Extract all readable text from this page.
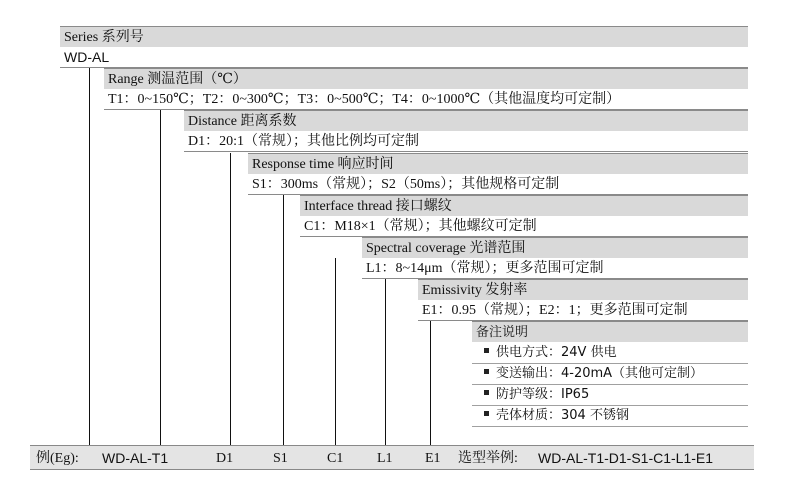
Series 系列号
WD-AL
Range 测温范围（℃）
T1：0~150℃；T2：0~300℃；T3：0~500℃；T4：0~1000℃（其他温度均可定制）
Distance 距离系数
D1：20:1（常规）；其他比例均可定制
Response time 响应时间
S1：300ms（常规）；S2（50ms）；其他规格可定制
Interface thread 接口螺纹
C1：M18×1（常规）；其他螺纹可定制
Spectral coverage 光谱范围
L1：8~14μm（常规）；更多范围可定制
Emissivity 发射率
E1：0.95（常规）；E2：1；更多范围可定制
备注说明
供电方式：24V 供电
变送输出：4-20mA（其他可定制）
防护等级：IP65
壳体材质：304 不锈钢
例(Eg): WD-AL-T1	D1	S1	C1 L1 E1 选型举例: WD-AL-T1-D1-S1-C1-L1-E1
